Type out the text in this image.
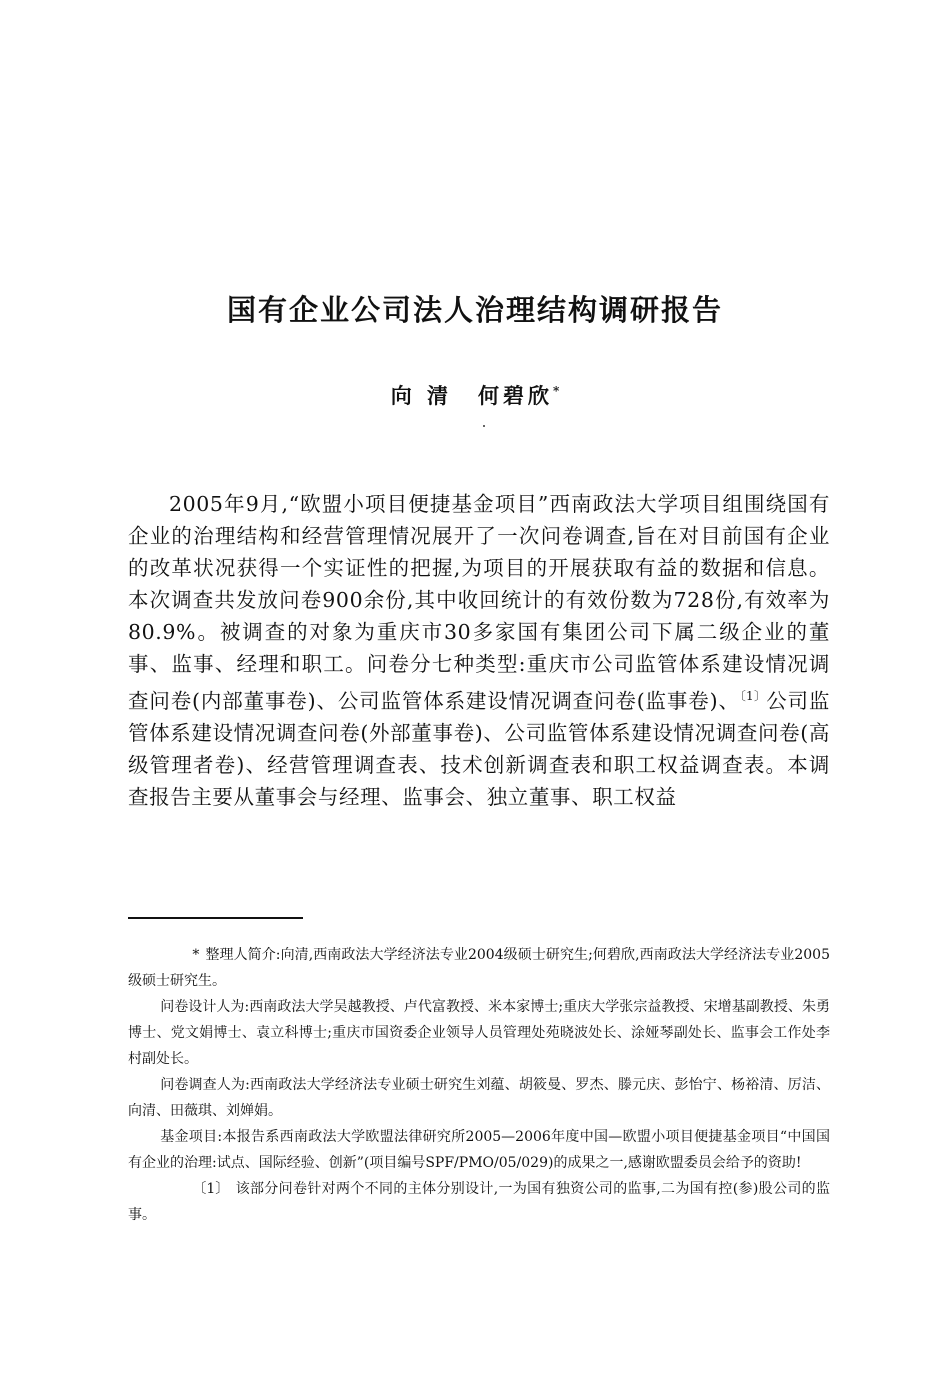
国有企业公司法人治理结构调研报告
向 清 何碧欣*

2005年9月,“欧盟小项目便捷基金项目”西南政法大学项目组围绕国有企业的治理结构和经营管理情况展开了一次问卷调查,旨在对目前国有企业的改革状况获得一个实证性的把握,为项目的开展获取有益的数据和信息。本次调查共发放问卷900余份,其中收回统计的有效份数为728份,有效率为80.9%。被调查的对象为重庆市30多家国有集团公司下属二级企业的董事、监事、经理和职工。问卷分七种类型:重庆市公司监管体系建设情况调查问卷(内部董事卷)、公司监管体系建设情况调查问卷(监事卷)、$^{〔1〕}$公司监管体系建设情况调查问卷(外部董事卷)、公司监管体系建设情况调查问卷(高级管理者卷)、经营管理调查表、技术创新调查表和职工权益调查表。本调查报告主要从董事会与经理、监事会、独立董事、职工权益

* 整理人简介:向清,西南政法大学经济法专业2004级硕士研究生;何碧欣,西南政法大学经济法专业2005级硕士研究生。

问卷设计人为:西南政法大学吴越教授、卢代富教授、米本家博士;重庆大学张宗益教授、宋增基副教授、朱勇博士、党文娟博士、袁立科博士;重庆市国资委企业领导人员管理处苑晓波处长、涂娅琴副处长、监事会工作处李村副处长。

问卷调查人为:西南政法大学经济法专业硕士研究生刘蕴、胡筱曼、罗杰、滕元庆、彭怡宁、杨裕清、厉洁、向清、田薇琪、刘婵娟。

基金项目:本报告系西南政法大学欧盟法律研究所2005—2006年度中国—欧盟小项目便捷基金项目“中国国有企业的治理:试点、国际经验、创新”(项目编号SPF/PMO/05/029)的成果之一,感谢欧盟委员会给予的资助!

〔1〕 该部分问卷针对两个不同的主体分别设计,一为国有独资公司的监事,二为国有控(参)股公司的监事。
